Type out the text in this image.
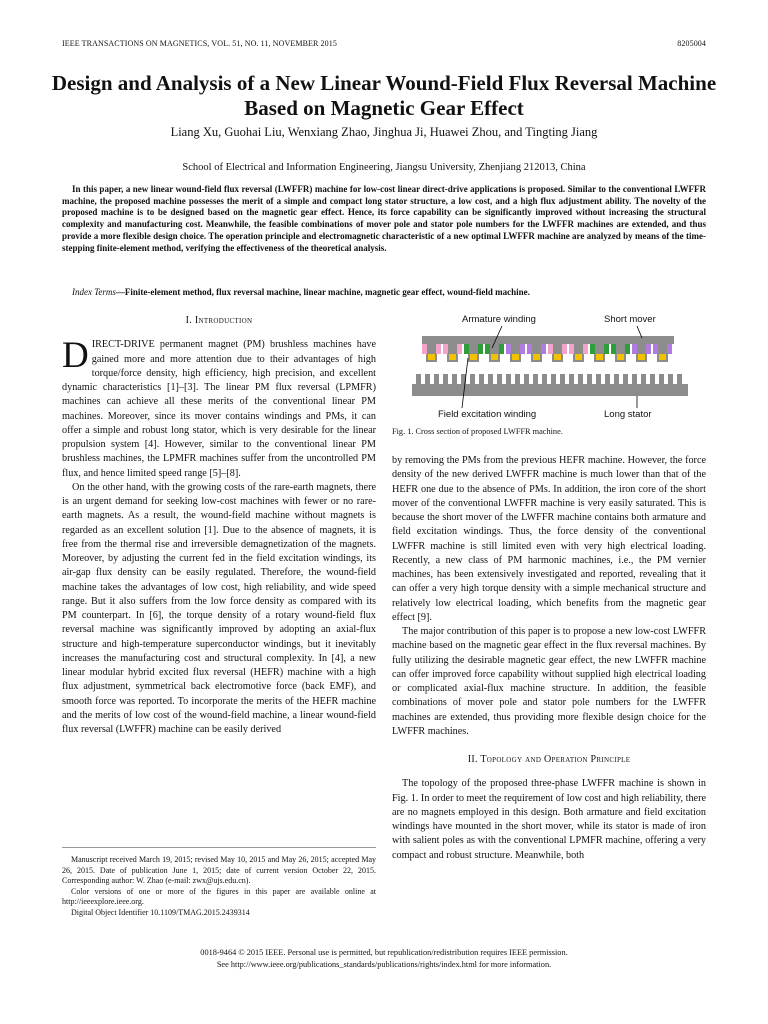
IEEE TRANSACTIONS ON MAGNETICS, VOL. 51, NO. 11, NOVEMBER 2015	8205004
Design and Analysis of a New Linear Wound-Field Flux Reversal Machine Based on Magnetic Gear Effect
Liang Xu, Guohai Liu, Wenxiang Zhao, Jinghua Ji, Huawei Zhou, and Tingting Jiang
School of Electrical and Information Engineering, Jiangsu University, Zhenjiang 212013, China
In this paper, a new linear wound-field flux reversal (LWFFR) machine for low-cost linear direct-drive applications is proposed. Similar to the conventional LWFFR machine, the proposed machine possesses the merit of a simple and compact long stator structure, a low cost, and a high flux adjustment ability. The novelty of the proposed machine is to be designed based on the magnetic gear effect. Hence, its force capability can be significantly improved without increasing the structural complexity and manufacturing cost. Meanwhile, the feasible combinations of mover pole and stator pole numbers for the LWFFR machines are extended, and thus provide a more flexible design choice. The operation principle and electromagnetic characteristic of a new optimal LWFFR machine are analyzed by means of the time-stepping finite-element method, verifying the effectiveness of the theoretical analysis.
Index Terms—Finite-element method, flux reversal machine, linear machine, magnetic gear effect, wound-field machine.
I. Introduction

DIRECT-DRIVE permanent magnet (PM) brushless machines have gained more and more attention due to their advantages of high torque/force density, high efficiency, high precision, and excellent dynamic characteristics [1]–[3]. The linear PM flux reversal (LPMFR) machines can achieve all these merits of the conventional linear PM machines. Moreover, since its mover contains windings and PMs, it can offer a simple and robust long stator, which is very desirable for the linear propulsion system [4]. However, similar to the conventional linear PM brushless machines, the LPMFR machines suffer from the uncontrolled PM flux, and hence limited speed range [5]–[8].

On the other hand, with the growing costs of the rare-earth magnets, there is an urgent demand for seeking low-cost machines with fewer or no rare-earth magnets. As a result, the wound-field machine without magnets is regarded as an excellent solution [1]. Due to the absence of magnets, it is free from the thermal rise and irreversible demagnetization of the magnets. Moreover, by adjusting the current fed in the field excitation windings, its air-gap flux density can be easily regulated. Therefore, the wound-field machine takes the advantages of low cost, high reliability, and wide speed range. But it also suffers from the low force density as compared with its PM counterpart. In [6], the torque density of a rotary wound-field flux reversal machine was significantly improved by adopting an axial-flux structure and high-temperature superconductor windings, but it inevitably increases the manufacturing cost and structural complexity. In [4], a new linear modular hybrid excited flux reversal (HEFR) machine with a high flux adjustment, symmetrical back electromotive force (back EMF), and smooth force was reported. To incorporate the merits of the HEFR machine and the merits of low cost of the wound-field machine, a linear wound-field flux reversal (LWFFR) machine can be easily derived

Manuscript received March 19, 2015; revised May 10, 2015 and May 26, 2015; accepted May 26, 2015. Date of publication June 1, 2015; date of current version October 22, 2015. Corresponding author: W. Zhao (e-mail: zwx@ujs.edu.cn).

Color versions of one or more of the figures in this paper are available online at http://ieeexplore.ieee.org.

Digital Object Identifier 10.1109/TMAG.2015.2439314

Armature winding	Short mover
Field excitation winding	Long stator
Fig. 1. Cross section of proposed LWFFR machine.

by removing the PMs from the previous HEFR machine. However, the force density of the new derived LWFFR machine is much lower than that of the HEFR one due to the absence of PMs. In addition, the iron core of the short mover of the conventional LWFFR machine is very easily saturated. This is because the short mover of the LWFFR machine contains both armature and field excitation windings. Thus, the force density of the conventional LWFFR machine is still limited even with very high electrical loading. Recently, a new class of PM harmonic machines, i.e., the PM vernier machines, has been extensively investigated and reported, revealing that it can offer a very high torque density with a simple mechanical structure and relatively low electrical loading, which benefits from the magnetic gear effect [9].

The major contribution of this paper is to propose a new low-cost LWFFR machine based on the magnetic gear effect in the flux reversal machines. By fully utilizing the desirable magnetic gear effect, the new LWFFR machine can offer improved force capability without supplied high electrical loading or complicated axial-flux machine structure. In addition, the feasible combinations of mover pole and stator pole numbers for the LWFFR machines are extended, thus providing more flexible design choice for the LWFFR machines.

II. Topology and Operation Principle

The topology of the proposed three-phase LWFFR machine is shown in Fig. 1. In order to meet the requirement of low cost and high reliability, there are no magnets employed in this design. Both armature and field excitation windings have mounted in the short mover, while its stator is made of iron with salient poles as with the conventional LPMFR machine, offering a very compact and robust structure. Meanwhile, both

0018-9464 © 2015 IEEE. Personal use is permitted, but republication/redistribution requires IEEE permission.
See http://www.ieee.org/publications_standards/publications/rights/index.html for more information.
